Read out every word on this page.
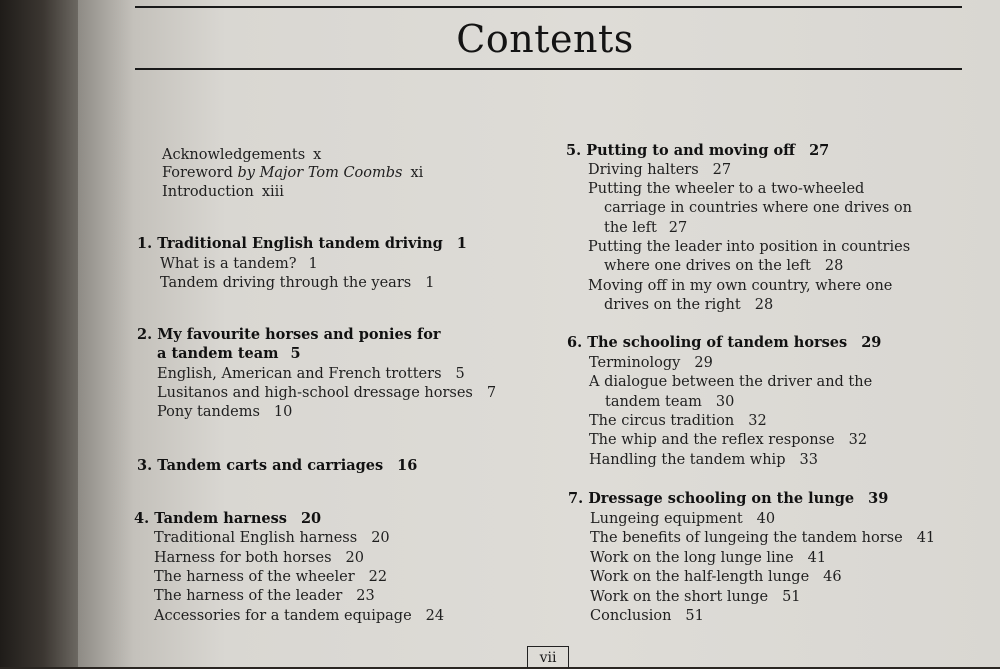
Contents
Acknowledgements x
Foreword by Major Tom Coombs xi
Introduction xiii
1. Traditional English tandem driving 1
What is a tandem? 1
Tandem driving through the years 1
2. My favourite horses and ponies for
a tandem team 5
English, American and French trotters 5
Lusitanos and high-school dressage horses 7
Pony tandems 10
3. Tandem carts and carriages 16
4. Tandem harness 20
Traditional English harness 20
Harness for both horses 20
The harness of the wheeler 22
The harness of the leader 23
Accessories for a tandem equipage 24
5. Putting to and moving off 27
Driving halters 27
Putting the wheeler to a two-wheeled
carriage in countries where one drives on
the left 27
Putting the leader into position in countries
where one drives on the left 28
Moving off in my own country, where one
drives on the right 28
6. The schooling of tandem horses 29
Terminology 29
A dialogue between the driver and the
tandem team 30
The circus tradition 32
The whip and the reflex response 32
Handling the tandem whip 33
7. Dressage schooling on the lunge 39
Lungeing equipment 40
The benefits of lungeing the tandem horse 41
Work on the long lunge line 41
Work on the half-length lunge 46
Work on the short lunge 51
Conclusion 51
vii
